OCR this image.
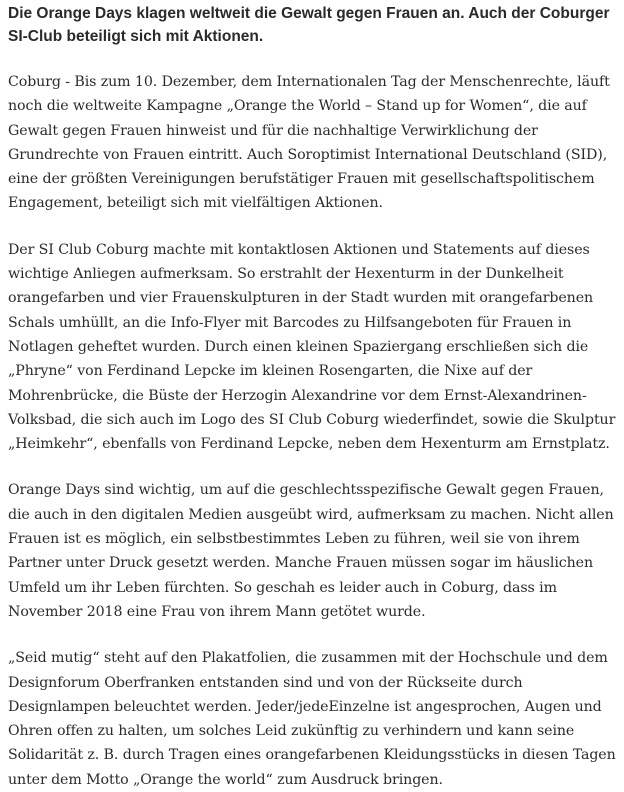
Die Orange Days klagen weltweit die Gewalt gegen Frauen an. Auch der Coburger SI-Club beteiligt sich mit Aktionen.

Coburg - Bis zum 10. Dezember, dem Internationalen Tag der Menschenrechte, läuft noch die weltweite Kampagne „Orange the World – Stand up for Women“, die auf Gewalt gegen Frauen hinweist und für die nachhaltige Verwirklichung der Grundrechte von Frauen eintritt. Auch Soroptimist International Deutschland (SID), eine der größten Vereinigungen berufstätiger Frauen mit gesellschaftspolitischem Engagement, beteiligt sich mit vielfältigen Aktionen.

Der SI Club Coburg machte mit kontaktlosen Aktionen und Statements auf dieses wichtige Anliegen aufmerksam. So erstrahlt der Hexenturm in der Dunkelheit orangefarben und vier Frauenskulpturen in der Stadt wurden mit orangefarbenen Schals umhüllt, an die Info-Flyer mit Barcodes zu Hilfsangeboten für Frauen in Notlagen geheftet wurden. Durch einen kleinen Spaziergang erschließen sich die „Phryne“ von Ferdinand Lepcke im kleinen Rosengarten, die Nixe auf der Mohrenbrücke, die Büste der Herzogin Alexandrine vor dem Ernst-Alexandrinen-Volksbad, die sich auch im Logo des SI Club Coburg wiederfindet, sowie die Skulptur „Heimkehr“, ebenfalls von Ferdinand Lepcke, neben dem Hexenturm am Ernstplatz.

Orange Days sind wichtig, um auf die geschlechtsspezifische Gewalt gegen Frauen, die auch in den digitalen Medien ausgeübt wird, aufmerksam zu machen. Nicht allen Frauen ist es möglich, ein selbstbestimmtes Leben zu führen, weil sie von ihrem Partner unter Druck gesetzt werden. Manche Frauen müssen sogar im häuslichen Umfeld um ihr Leben fürchten. So geschah es leider auch in Coburg, dass im November 2018 eine Frau von ihrem Mann getötet wurde.

„Seid mutig“ steht auf den Plakatfolien, die zusammen mit der Hochschule und dem Designforum Oberfranken entstanden sind und von der Rückseite durch Designlampen beleuchtet werden. Jeder/jedeEinzelne ist angesprochen, Augen und Ohren offen zu halten, um solches Leid zukünftig zu verhindern und kann seine Solidarität z. B. durch Tragen eines orangefarbenen Kleidungsstücks in diesen Tagen unter dem Motto „Orange the world“ zum Ausdruck bringen.
